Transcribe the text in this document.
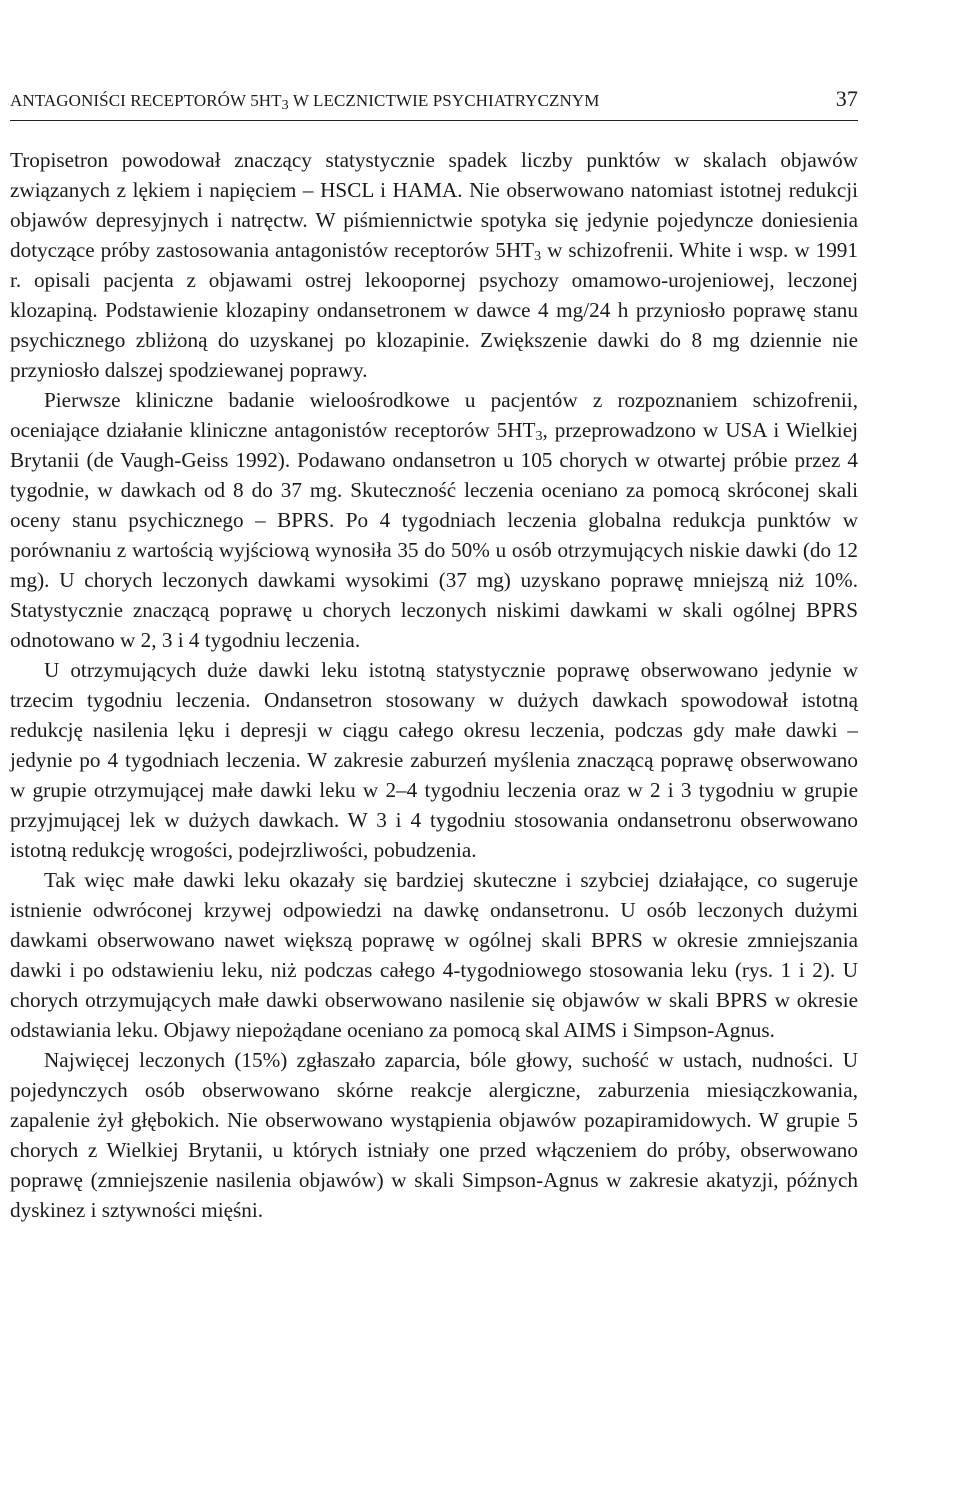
ANTAGONIŚCI RECEPTORÓW $5HT_3$ W LECZNICTWIE PSYCHIATRYCZNYM	37

Tropisetron powodował znaczący statystycznie spadek liczby punktów w skalach objawów związanych z lękiem i napięciem – HSCL i HAMA. Nie obserwowano natomiast istotnej redukcji objawów depresyjnych i natręctw. W piśmiennictwie spotyka się jedynie pojedyncze doniesienia dotyczące próby zastosowania antagonistów receptorów $5HT_3$ w schizofrenii. White i wsp. w 1991 r. opisali pacjenta z objawami ostrej lekoopornej psychozy omamowo-urojeniowej, leczonej klozapiną. Podstawienie klozapiny ondansetronem w dawce 4 mg/24 h przyniosło poprawę stanu psychicznego zbliżoną do uzyskanej po klozapinie. Zwiększenie dawki do 8 mg dziennie nie przyniosło dalszej spodziewanej poprawy.

Pierwsze kliniczne badanie wieloośrodkowe u pacjentów z rozpoznaniem schizofrenii, oceniające działanie kliniczne antagonistów receptorów $5HT_3$, przeprowadzono w USA i Wielkiej Brytanii (de Vaugh-Geiss 1992). Podawano ondansetron u 105 chorych w otwartej próbie przez 4 tygodnie, w dawkach od 8 do 37 mg. Skuteczność leczenia oceniano za pomocą skróconej skali oceny stanu psychicznego – BPRS. Po 4 tygodniach leczenia globalna redukcja punktów w porównaniu z wartością wyjściową wynosiła 35 do 50% u osób otrzymujących niskie dawki (do 12 mg). U chorych leczonych dawkami wysokimi (37 mg) uzyskano poprawę mniejszą niż 10%. Statystycznie znaczącą poprawę u chorych leczonych niskimi dawkami w skali ogólnej BPRS odnotowano w 2, 3 i 4 tygodniu leczenia.

U otrzymujących duże dawki leku istotną statystycznie poprawę obserwowano jedynie w trzecim tygodniu leczenia. Ondansetron stosowany w dużych dawkach spowodował istotną redukcję nasilenia lęku i depresji w ciągu całego okresu leczenia, podczas gdy małe dawki – jedynie po 4 tygodniach leczenia. W zakresie zaburzeń myślenia znaczącą poprawę obserwowano w grupie otrzymującej małe dawki leku w 2–4 tygodniu leczenia oraz w 2 i 3 tygodniu w grupie przyjmującej lek w dużych dawkach. W 3 i 4 tygodniu stosowania ondansetronu obserwowano istotną redukcję wrogości, podejrzliwości, pobudzenia.

Tak więc małe dawki leku okazały się bardziej skuteczne i szybciej działające, co sugeruje istnienie odwróconej krzywej odpowiedzi na dawkę ondansetronu. U osób leczonych dużymi dawkami obserwowano nawet większą poprawę w ogólnej skali BPRS w okresie zmniejszania dawki i po odstawieniu leku, niż podczas całego 4-tygodniowego stosowania leku (rys. 1 i 2). U chorych otrzymujących małe dawki obserwowano nasilenie się objawów w skali BPRS w okresie odstawiania leku. Objawy niepożądane oceniano za pomocą skal AIMS i Simpson-Agnus.

Najwięcej leczonych (15%) zgłaszało zaparcia, bóle głowy, suchość w ustach, nudności. U pojedynczych osób obserwowano skórne reakcje alergiczne, zaburzenia miesiączkowania, zapalenie żył głębokich. Nie obserwowano wystąpienia objawów pozapiramidowych. W grupie 5 chorych z Wielkiej Brytanii, u których istniały one przed włączeniem do próby, obserwowano poprawę (zmniejszenie nasilenia objawów) w skali Simpson-Agnus w zakresie akatyzji, późnych dyskinez i sztywności mięśni.
